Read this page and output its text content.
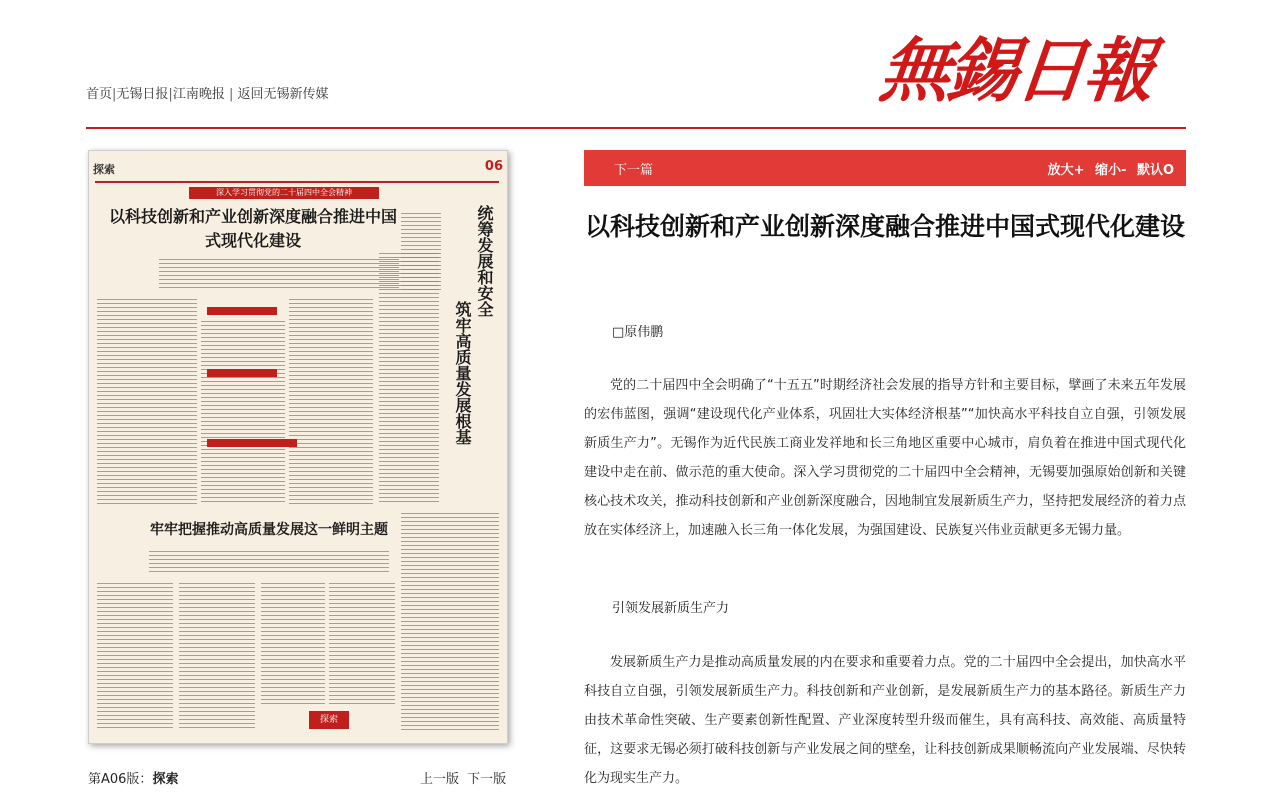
首页|无锡日报|江南晚报 | 返回无锡新传媒	無錫日報
探索	06
深入学习贯彻党的二十届四中全会精神
以科技创新和产业创新深度融合推进中国式现代化建设	统筹发展和安全
筑牢高质量发展根基
牢牢把握推动高质量发展这一鲜明主题
探索
第A06版：探索	上一版 下一版
下一篇	放大+ 缩小- 默认O
以科技创新和产业创新深度融合推进中国式现代化建设
□原伟鹏

党的二十届四中全会明确了“十五五”时期经济社会发展的指导方针和主要目标，擘画了未来五年发展的宏伟蓝图，强调“建设现代化产业体系，巩固壮大实体经济根基”“加快高水平科技自立自强，引领发展新质生产力”。无锡作为近代民族工商业发祥地和长三角地区重要中心城市，肩负着在推进中国式现代化建设中走在前、做示范的重大使命。深入学习贯彻党的二十届四中全会精神，无锡要加强原始创新和关键核心技术攻关，推动科技创新和产业创新深度融合，因地制宜发展新质生产力，坚持把发展经济的着力点放在实体经济上，加速融入长三角一体化发展，为强国建设、民族复兴伟业贡献更多无锡力量。

引领发展新质生产力

发展新质生产力是推动高质量发展的内在要求和重要着力点。党的二十届四中全会提出，加快高水平科技自立自强，引领发展新质生产力。科技创新和产业创新，是发展新质生产力的基本路径。新质生产力由技术革命性突破、生产要素创新性配置、产业深度转型升级而催生，具有高科技、高效能、高质量特征，这要求无锡必须打破科技创新与产业发展之间的壁垒，让科技创新成果顺畅流向产业发展端、尽快转化为现实生产力。
